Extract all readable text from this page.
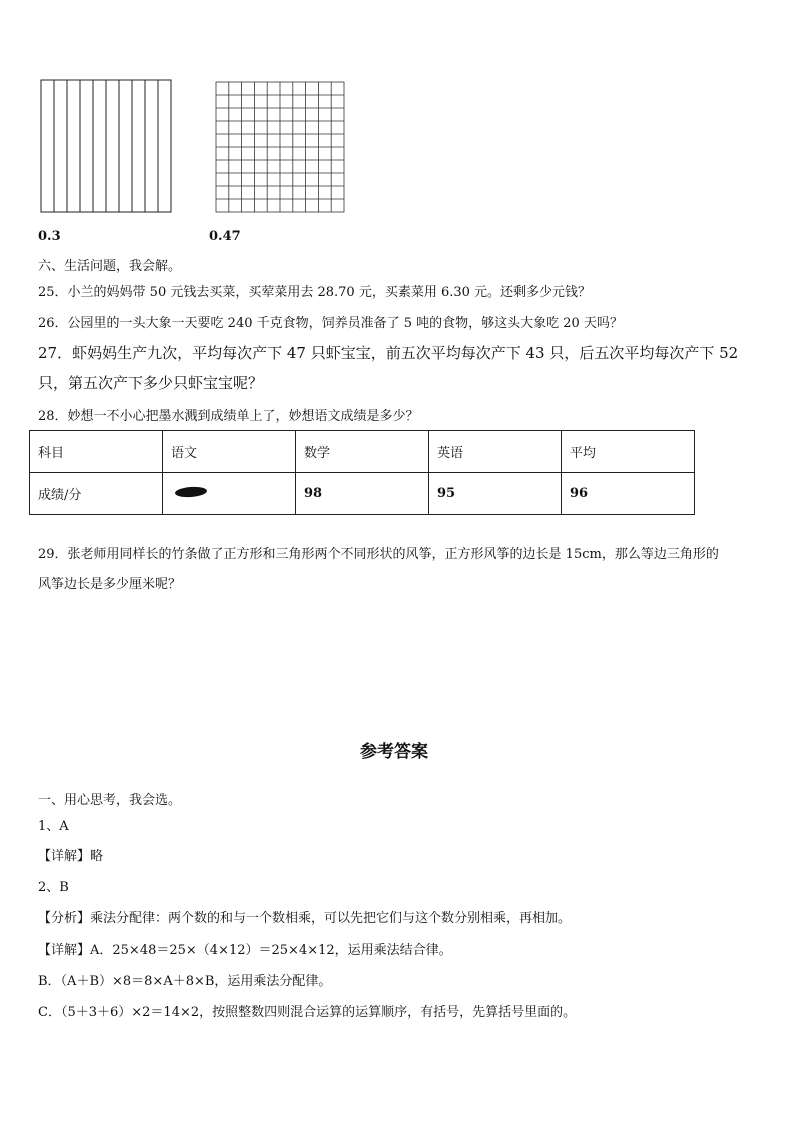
0.3	0.47
六、生活问题，我会解。
25．小兰的妈妈带 50 元钱去买菜，买荤菜用去 28.70 元，买素菜用 6.30 元。还剩多少元钱？
26．公园里的一头大象一天要吃 240 千克食物，饲养员准备了 5 吨的食物，够这头大象吃 20 天吗？
27．虾妈妈生产九次，平均每次产下 47 只虾宝宝，前五次平均每次产下 43 只，后五次平均每次产下 52
只，第五次产下多少只虾宝宝呢？
28．妙想一不小心把墨水溅到成绩单上了，妙想语文成绩是多少？
科目	语文	数学	英语	平均
成绩/分		98	95	96
29．张老师用同样长的竹条做了正方形和三角形两个不同形状的风筝，正方形风筝的边长是 15cm，那么等边三角形的
风筝边长是多少厘米呢？
参考答案
一、用心思考，我会选。
1、A
【详解】略
2、B
【分析】乘法分配律：两个数的和与一个数相乘，可以先把它们与这个数分别相乘，再相加。
【详解】A．25×48＝25×（4×12）＝25×4×12，运用乘法结合律。
B．（A＋B）×8＝8×A＋8×B，运用乘法分配律。
C．（5＋3＋6）×2＝14×2，按照整数四则混合运算的运算顺序，有括号，先算括号里面的。
